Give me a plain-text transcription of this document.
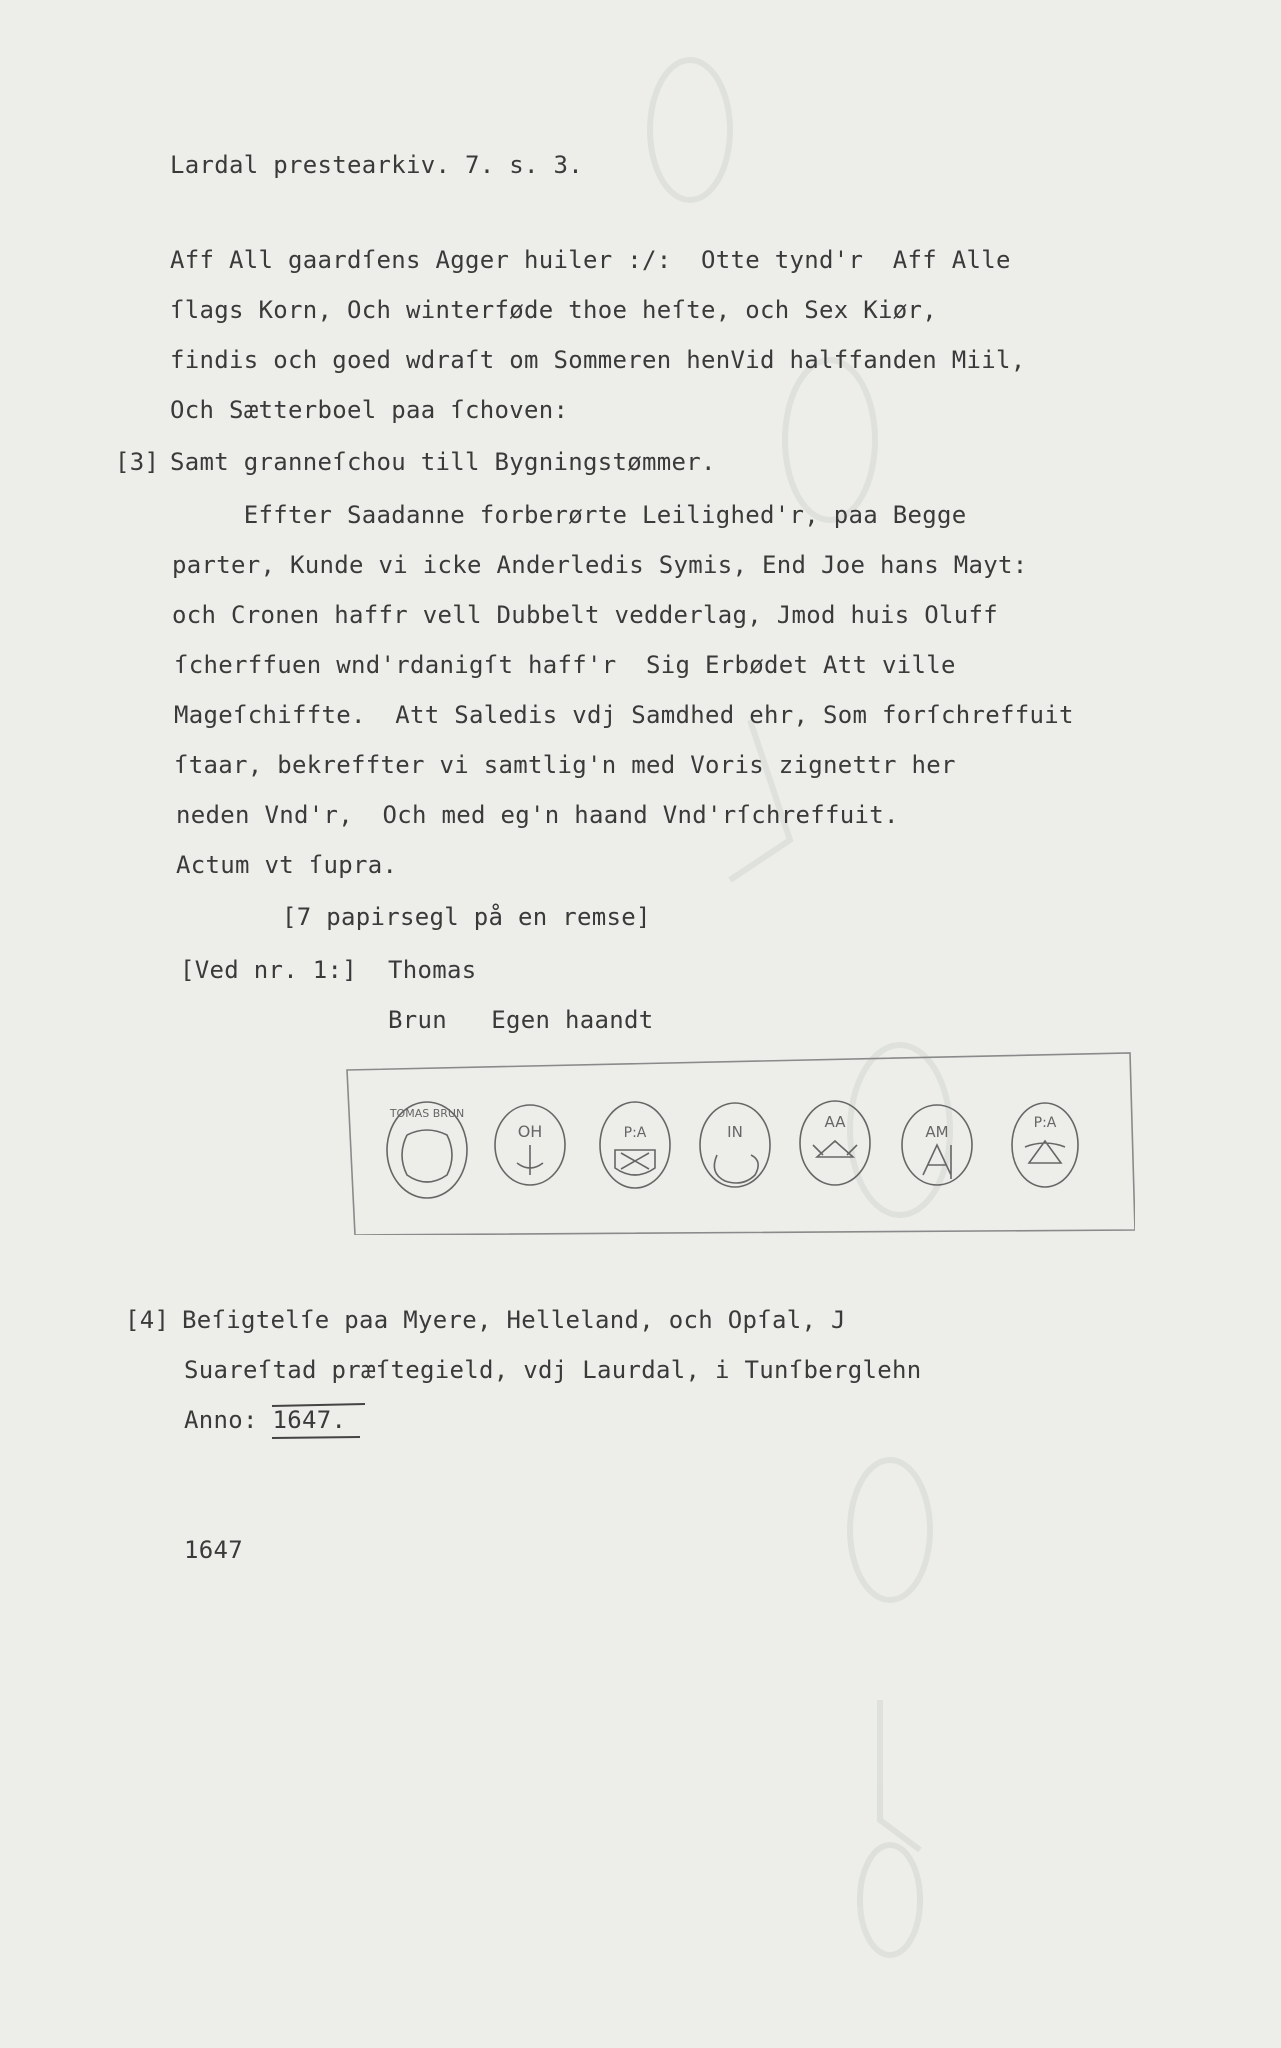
Lardal prestearkiv. 7. s. 3.
Aff All gaardſens Agger huiler :/:  Otte tynd'r  Aff Alle
ſlags Korn, Och winterføde thoe heſte, och Sex Kiør,
findis och goed wdraſt om Sommeren henVid halffanden Miil,
Och Sætterboel paa ſchoven:
[3] Samt granneſchou till Bygningstømmer.
Effter Saadanne forberørte Leilighed'r, paa Begge
parter, Kunde vi icke Anderledis Symis, End Joe hans Mayt:
och Cronen haffr vell Dubbelt vedderlag, Jmod huis Oluff
ſcherffuen wnd'rdanigſt haff'r  Sig Erbødet Att ville
Mageſchiffte.  Att Saledis vdj Samdhed ehr, Som forſchreffuit
ſtaar, bekreffter vi samtlig'n med Voris zignettr her
neden Vnd'r,  Och med eg'n haand Vnd'rſchreffuit.
Actum vt ſupra.
[7 papirsegl på en remse]
[Ved nr. 1:] Thomas
Brun   Egen haandt
TOMAS BRUN
OH	P:A	IN
AA
AM	P:A
[4] Beſigtelſe paa Myere, Helleland, och Opſal, J
Suareſtad præſtegield, vdj Laurdal, i Tunſberglehn
Anno: 1647.
1647
